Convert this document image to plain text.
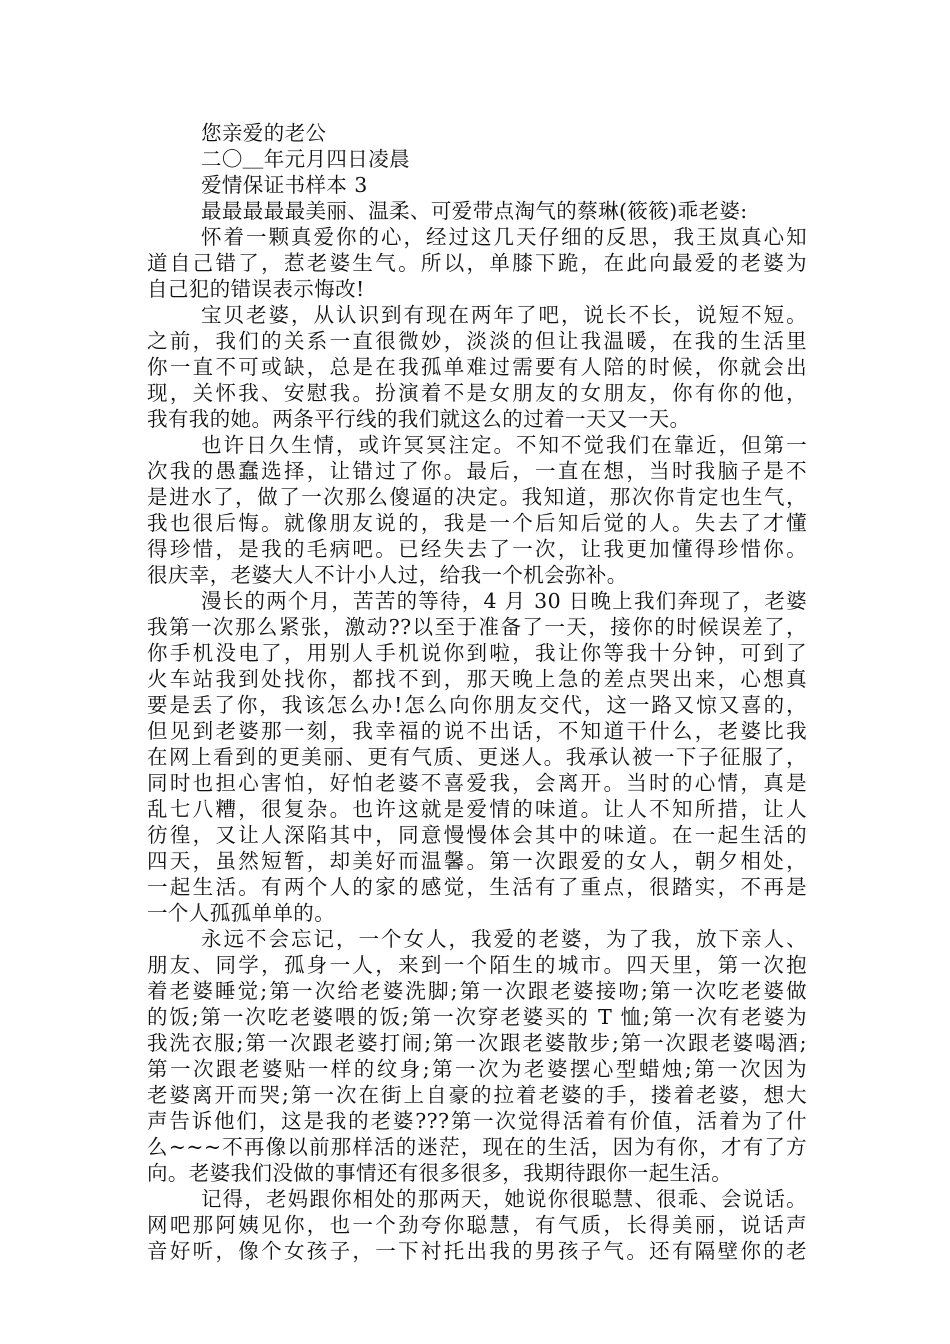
您亲爱的老公
二〇＿年元月四日凌晨
爱情保证书样本 3
最最最最最美丽、温柔、可爱带点淘气的蔡琳(筱筱)乖老婆:
怀着一颗真爱你的心，经过这几天仔细的反思，我王岚真心知
道自己错了，惹老婆生气。所以，单膝下跪，在此向最爱的老婆为
自己犯的错误表示悔改!
宝贝老婆，从认识到有现在两年了吧，说长不长，说短不短。
之前，我们的关系一直很微妙，淡淡的但让我温暖，在我的生活里
你一直不可或缺，总是在我孤单难过需要有人陪的时候，你就会出
现，关怀我、安慰我。扮演着不是女朋友的女朋友，你有你的他，
我有我的她。两条平行线的我们就这么的过着一天又一天。
也许日久生情，或许冥冥注定。不知不觉我们在靠近，但第一
次我的愚蠢选择，让错过了你。最后，一直在想，当时我脑子是不
是进水了，做了一次那么傻逼的决定。我知道，那次你肯定也生气，
我也很后悔。就像朋友说的，我是一个后知后觉的人。失去了才懂
得珍惜，是我的毛病吧。已经失去了一次，让我更加懂得珍惜你。
很庆幸，老婆大人不计小人过，给我一个机会弥补。
漫长的两个月，苦苦的等待，4 月 30 日晚上我们奔现了，老婆
我第一次那么紧张，激动??以至于准备了一天，接你的时候误差了，
你手机没电了，用别人手机说你到啦，我让你等我十分钟，可到了
火车站我到处找你，都找不到，那天晚上急的差点哭出来，心想真
要是丢了你，我该怎么办!怎么向你朋友交代，这一路又惊又喜的，
但见到老婆那一刻，我幸福的说不出话，不知道干什么，老婆比我
在网上看到的更美丽、更有气质、更迷人。我承认被一下子征服了，
同时也担心害怕，好怕老婆不喜爱我，会离开。当时的心情，真是
乱七八糟，很复杂。也许这就是爱情的味道。让人不知所措，让人
彷徨，又让人深陷其中，同意慢慢体会其中的味道。在一起生活的
四天，虽然短暂，却美好而温馨。第一次跟爱的女人，朝夕相处，
一起生活。有两个人的家的感觉，生活有了重点，很踏实，不再是
一个人孤孤单单的。
永远不会忘记，一个女人，我爱的老婆，为了我，放下亲人、
朋友、同学，孤身一人，来到一个陌生的城市。四天里，第一次抱
着老婆睡觉;第一次给老婆洗脚;第一次跟老婆接吻;第一次吃老婆做
的饭;第一次吃老婆喂的饭;第一次穿老婆买的 T 恤;第一次有老婆为
我洗衣服;第一次跟老婆打闹;第一次跟老婆散步;第一次跟老婆喝酒;
第一次跟老婆贴一样的纹身;第一次为老婆摆心型蜡烛;第一次因为
老婆离开而哭;第一次在街上自豪的拉着老婆的手，搂着老婆，想大
声告诉他们，这是我的老婆???第一次觉得活着有价值，活着为了什
么~~~不再像以前那样活的迷茫，现在的生活，因为有你，才有了方
向。老婆我们没做的事情还有很多很多，我期待跟你一起生活。
记得，老妈跟你相处的那两天，她说你很聪慧、很乖、会说话。
网吧那阿姨见你，也一个劲夸你聪慧，有气质，长得美丽，说话声
音好听，像个女孩子，一下衬托出我的男孩子气。还有隔壁你的老
